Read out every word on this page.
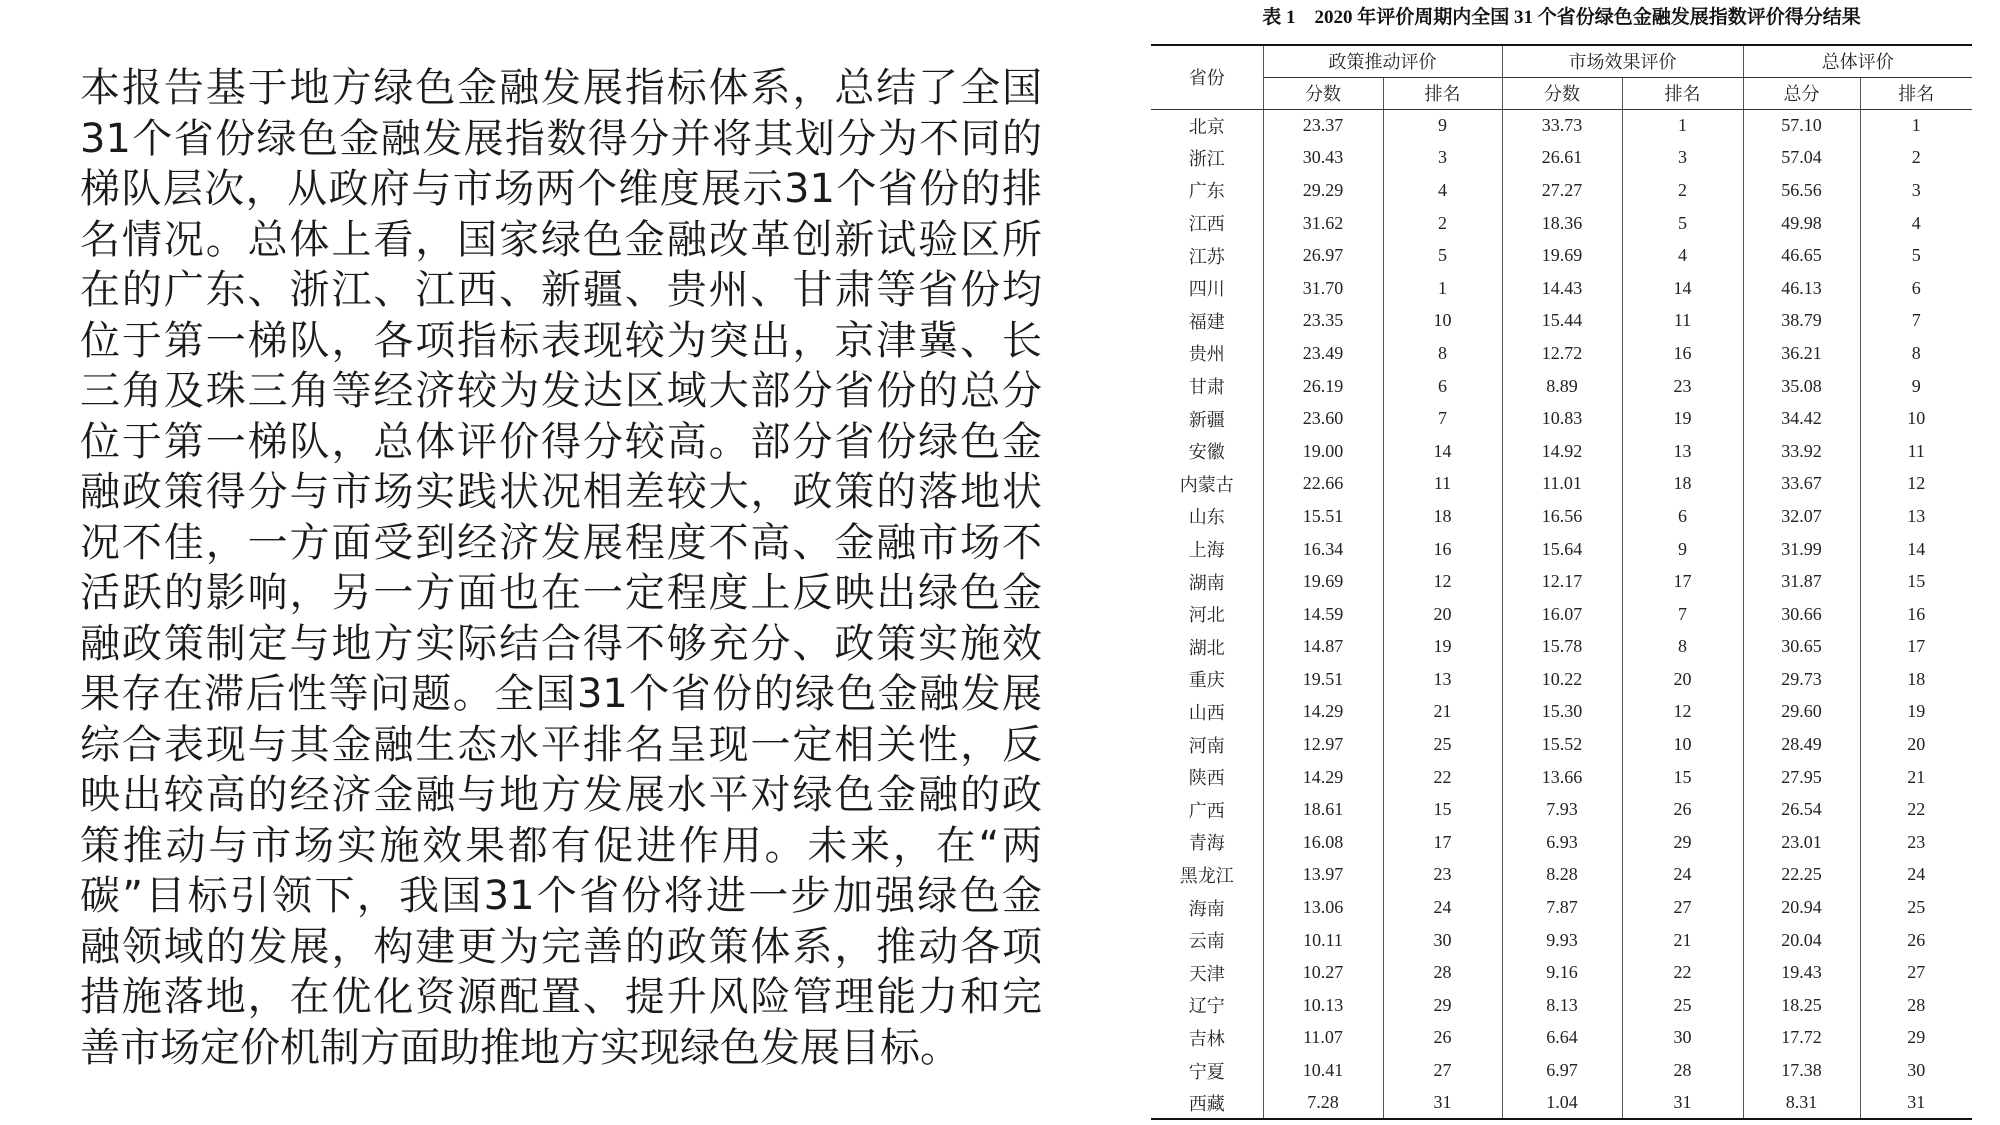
本报告基于地方绿色金融发展指标体系，总结了全国
31个省份绿色金融发展指数得分并将其划分为不同的
梯队层次，从政府与市场两个维度展示31个省份的排
名情况。总体上看，国家绿色金融改革创新试验区所
在的广东、浙江、江西、新疆、贵州、甘肃等省份均
位于第一梯队，各项指标表现较为突出，京津冀、长
三角及珠三角等经济较为发达区域大部分省份的总分
位于第一梯队，总体评价得分较高。部分省份绿色金
融政策得分与市场实践状况相差较大，政策的落地状
况不佳，一方面受到经济发展程度不高、金融市场不
活跃的影响，另一方面也在一定程度上反映出绿色金
融政策制定与地方实际结合得不够充分、政策实施效
果存在滞后性等问题。全国31个省份的绿色金融发展
综合表现与其金融生态水平排名呈现一定相关性，反
映出较高的经济金融与地方发展水平对绿色金融的政
策推动与市场实施效果都有促进作用。未来，在“两
碳”目标引领下，我国31个省份将进一步加强绿色金
融领域的发展，构建更为完善的政策体系，推动各项
措施落地，在优化资源配置、提升风险管理能力和完
善市场定价机制方面助推地方实现绿色发展目标。
表 1　2020 年评价周期内全国 31 个省份绿色金融发展指数评价得分结果
省份	政策推动评价		市场效果评价		总体评价	
	分数	排名	分数	排名	总分	排名
北京	23.37	9	33.73	1	57.10	1
浙江	30.43	3	26.61	3	57.04	2
广东	29.29	4	27.27	2	56.56	3
江西	31.62	2	18.36	5	49.98	4
江苏	26.97	5	19.69	4	46.65	5
四川	31.70	1	14.43	14	46.13	6
福建	23.35	10	15.44	11	38.79	7
贵州	23.49	8	12.72	16	36.21	8
甘肃	26.19	6	8.89	23	35.08	9
新疆	23.60	7	10.83	19	34.42	10
安徽	19.00	14	14.92	13	33.92	11
内蒙古	22.66	11	11.01	18	33.67	12
山东	15.51	18	16.56	6	32.07	13
上海	16.34	16	15.64	9	31.99	14
湖南	19.69	12	12.17	17	31.87	15
河北	14.59	20	16.07	7	30.66	16
湖北	14.87	19	15.78	8	30.65	17
重庆	19.51	13	10.22	20	29.73	18
山西	14.29	21	15.30	12	29.60	19
河南	12.97	25	15.52	10	28.49	20
陕西	14.29	22	13.66	15	27.95	21
广西	18.61	15	7.93	26	26.54	22
青海	16.08	17	6.93	29	23.01	23
黑龙江	13.97	23	8.28	24	22.25	24
海南	13.06	24	7.87	27	20.94	25
云南	10.11	30	9.93	21	20.04	26
天津	10.27	28	9.16	22	19.43	27
辽宁	10.13	29	8.13	25	18.25	28
吉林	11.07	26	6.64	30	17.72	29
宁夏	10.41	27	6.97	28	17.38	30
西藏	7.28	31	1.04	31	8.31	31
